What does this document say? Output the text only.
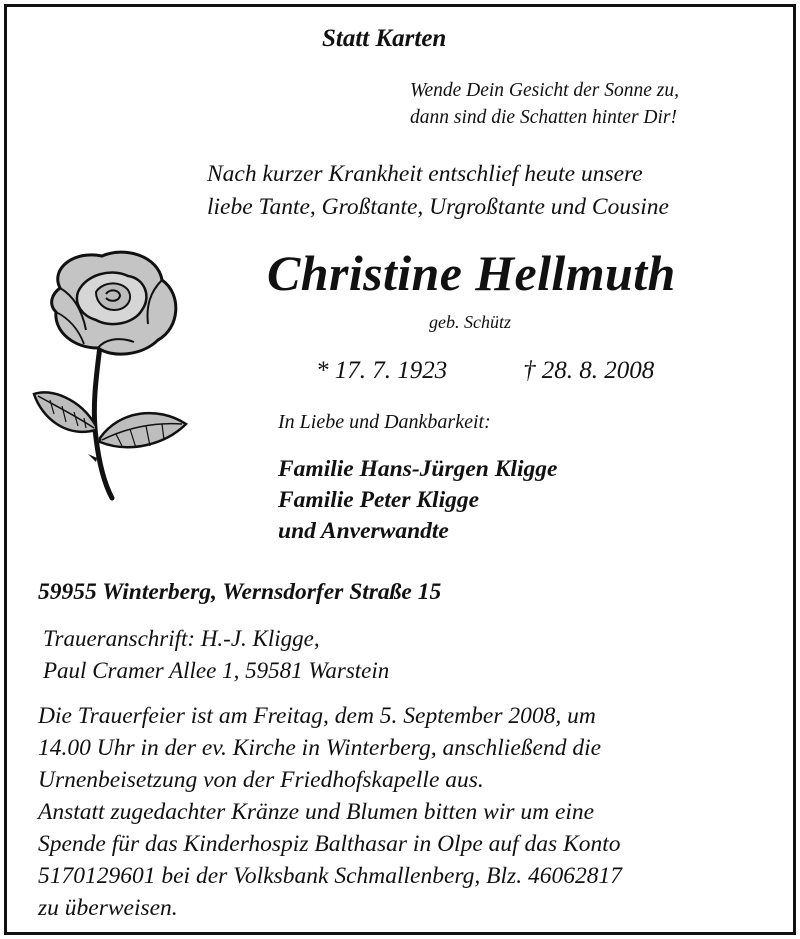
Statt Karten
Wende Dein Gesicht der Sonne zu,
dann sind die Schatten hinter Dir!
Nach kurzer Krankheit entschlief heute unsere
liebe Tante, Großtante, Urgroßtante und Cousine
Christine Hellmuth
geb. Schütz
* 17. 7. 1923	† 28. 8. 2008
In Liebe und Dankbarkeit:
Familie Hans-Jürgen Kligge
Familie Peter Kligge
und Anverwandte
59955 Winterberg, Wernsdorfer Straße 15
Traueranschrift: H.-J. Kligge,
Paul Cramer Allee 1, 59581 Warstein
Die Trauerfeier ist am Freitag, dem 5. September 2008, um
14.00 Uhr in der ev. Kirche in Winterberg, anschließend die
Urnenbeisetzung von der Friedhofskapelle aus.
Anstatt zugedachter Kränze und Blumen bitten wir um eine
Spende für das Kinderhospiz Balthasar in Olpe auf das Konto
5170129601 bei der Volksbank Schmallenberg, Blz. 46062817
zu überweisen.
